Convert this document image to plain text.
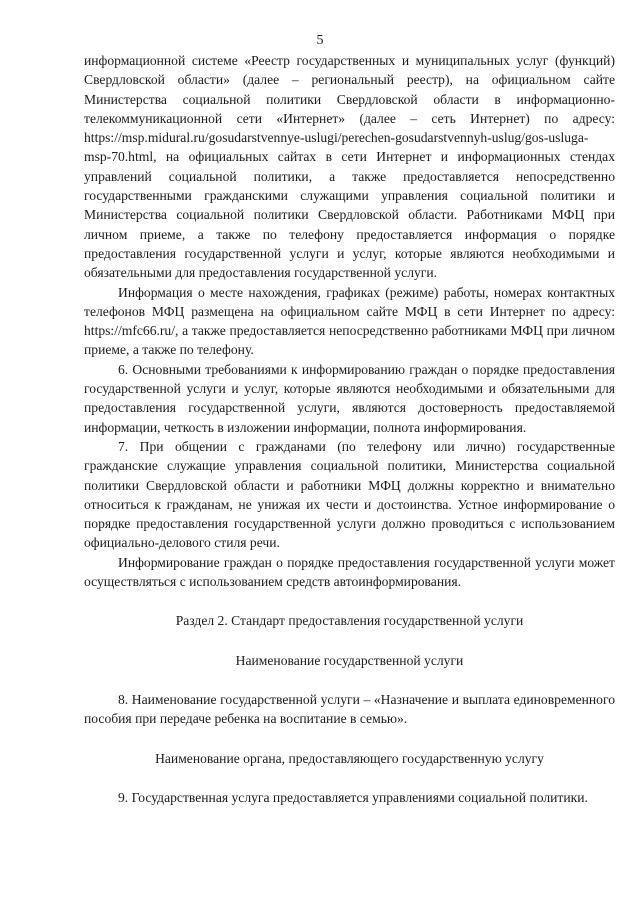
5

информационной системе «Реестр государственных и муниципальных услуг (функций) Свердловской области» (далее – региональный реестр), на официальном сайте Министерства социальной политики Свердловской области в информационно-телекоммуникационной сети «Интернет» (далее – сеть Интернет) по адресу: https://msp.midural.ru/gosudarstvennye-uslugi/perechen-gosudarstvennyh-uslug/gos-usluga-msp-70.html, на официальных сайтах в сети Интернет и информационных стендах управлений социальной политики, а также предоставляется непосредственно государственными гражданскими служащими управления социальной политики и Министерства социальной политики Свердловской области. Работниками МФЦ при личном приеме, а также по телефону предоставляется информация о порядке предоставления государственной услуги и услуг, которые являются необходимыми и обязательными для предоставления государственной услуги.

Информация о месте нахождения, графиках (режиме) работы, номерах контактных телефонов МФЦ размещена на официальном сайте МФЦ в сети Интернет по адресу: https://mfc66.ru/, а также предоставляется непосредственно работниками МФЦ при личном приеме, а также по телефону.

6. Основными требованиями к информированию граждан о порядке предоставления государственной услуги и услуг, которые являются необходимыми и обязательными для предоставления государственной услуги, являются достоверность предоставляемой информации, четкость в изложении информации, полнота информирования.

7. При общении с гражданами (по телефону или лично) государственные гражданские служащие управления социальной политики, Министерства социальной политики Свердловской области и работники МФЦ должны корректно и внимательно относиться к гражданам, не унижая их чести и достоинства. Устное информирование о порядке предоставления государственной услуги должно проводиться с использованием официально-делового стиля речи.

Информирование граждан о порядке предоставления государственной услуги может осуществляться с использованием средств автоинформирования.

Раздел 2. Стандарт предоставления государственной услуги

Наименование государственной услуги

8. Наименование государственной услуги – «Назначение и выплата единовременного пособия при передаче ребенка на воспитание в семью».

Наименование органа, предоставляющего государственную услугу

9. Государственная услуга предоставляется управлениями социальной политики.
